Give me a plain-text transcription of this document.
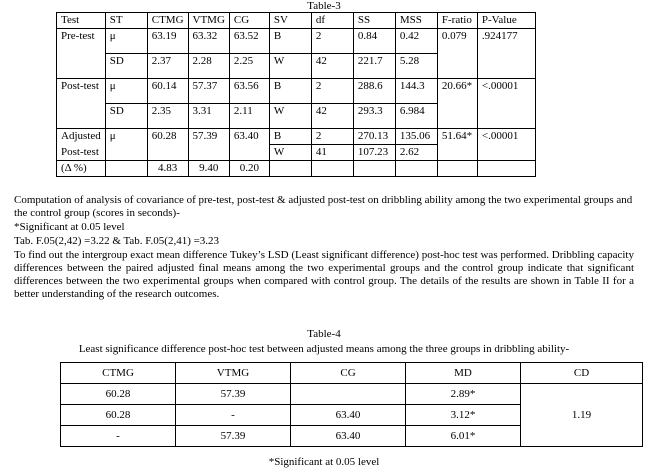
Table-3
Test	ST	CTMG	VTMG	CG	SV	df	SS	MSS	F-ratio	P-Value
Pre-test	μ	63.19	63.32	63.52	B	2	0.84	0.42	0.079	.924177
	SD	2.37	2.28	2.25	W	42	221.7	5.28		
Post-test	μ	60.14	57.37	63.56	B	2	288.6	144.3	20.66*	<.00001
	SD	2.35	3.31	2.11	W	42	293.3	6.984		
Adjusted	μ	60.28	57.39	63.40	B	2	270.13	135.06	51.64*	<.00001
Post-test					W	41	107.23	2.62		
(Δ %)		4.83	9.40	0.20						
Computation of analysis of covariance of pre-test, post-test & adjusted post-test on dribbling ability among the two experimental groups and the control group (scores in seconds)-
*Significant at 0.05 level
Tab. F.05(2,42) =3.22 & Tab. F.05(2,41) =3.23
To find out the intergroup exact mean difference Tukey’s LSD (Least significant difference) post-hoc test was performed. Dribbling capacity differences between the paired adjusted final means among the two experimental groups and the control group indicate that significant differences between the two experimental groups when compared with control group. The details of the results are shown in Table II for a better understanding of the research outcomes.
Table-4
Least significance difference post-hoc test between adjusted means among the three groups in dribbling ability-
CTMG	VTMG	CG	MD	CD
60.28	57.39		2.89*	1.19
60.28	-	63.40	3.12*	
-	57.39	63.40	6.01*	
*Significant at 0.05 level
